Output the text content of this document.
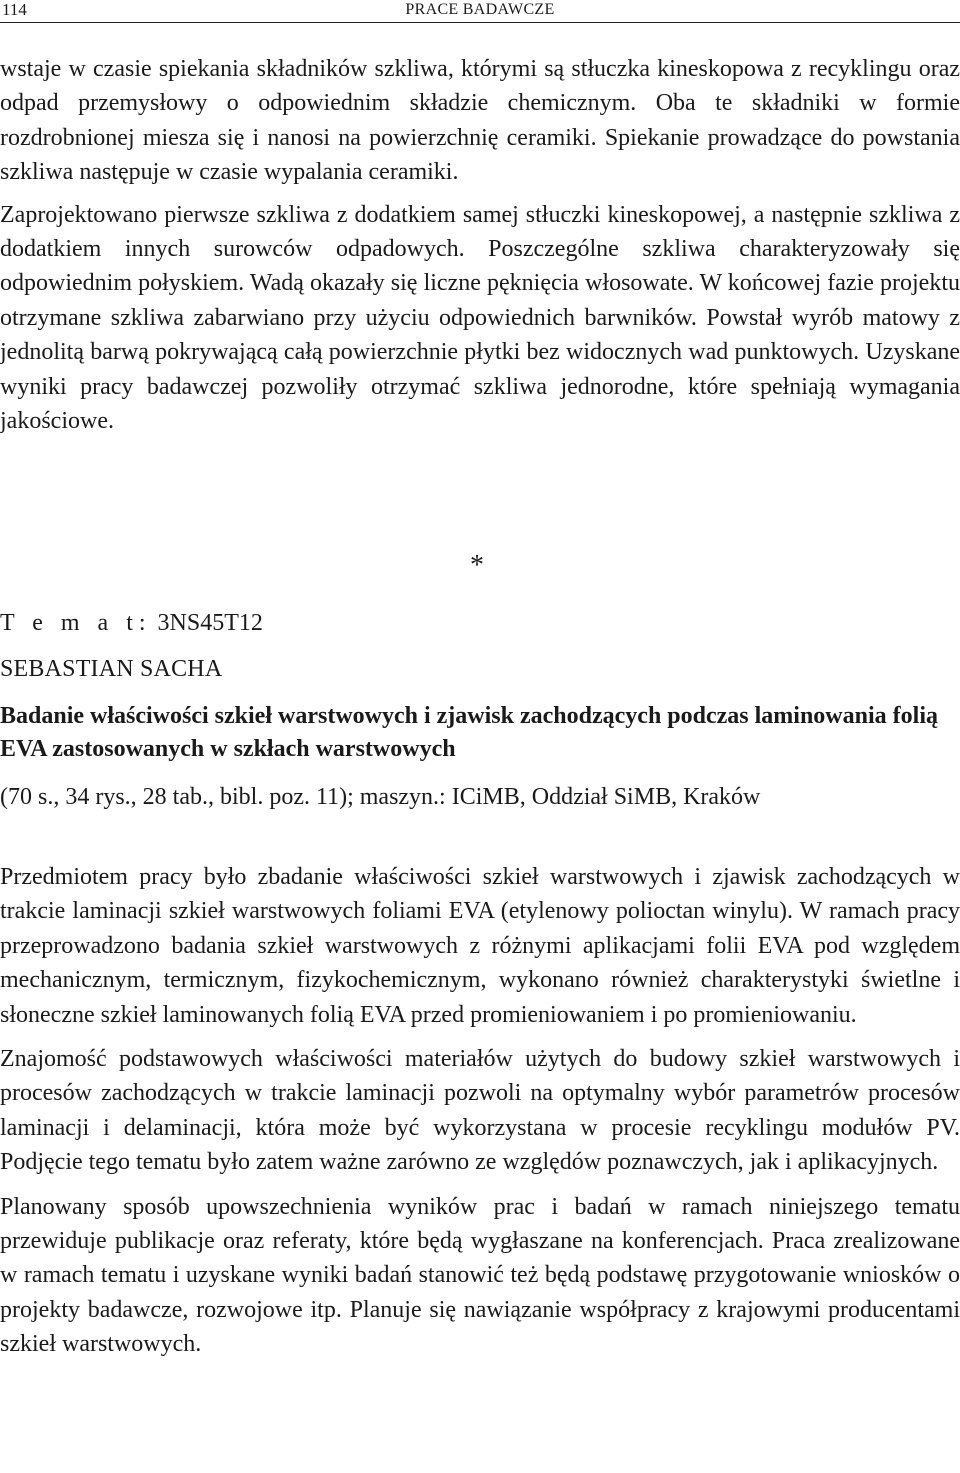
114	PRACE BADAWCZE

wstaje w czasie spiekania składników szkliwa, którymi są stłuczka kineskopowa z recyklingu oraz odpad przemysłowy o odpowiednim składzie chemicznym. Oba te składniki w formie rozdrobnionej miesza się i nanosi na powierzchnię ceramiki. Spiekanie prowadzące do powstania szkliwa następuje w czasie wypalania ceramiki.

Zaprojektowano pierwsze szkliwa z dodatkiem samej stłuczki kineskopowej, a następnie szkliwa z dodatkiem innych surowców odpadowych. Poszczególne szkliwa charakteryzowały się odpowiednim połyskiem. Wadą okazały się liczne pęknięcia włosowate. W końcowej fazie projektu otrzymane szkliwa zabarwiano przy użyciu odpowiednich barwników. Powstał wyrób matowy z jednolitą barwą pokrywającą całą powierzchnie płytki bez widocznych wad punktowych. Uzyskane wyniki pracy badawczej pozwoliły otrzymać szkliwa jednorodne, które spełniają wymagania jakościowe.

*
T e m a t: 3NS45T12
SEBASTIAN SACHA

Badanie właściwości szkieł warstwowych i zjawisk zachodzących podczas laminowania folią EVA zastosowanych w szkłach warstwowych

(70 s., 34 rys., 28 tab., bibl. poz. 11); maszyn.: ICiMB, Oddział SiMB, Kraków

Przedmiotem pracy było zbadanie właściwości szkieł warstwowych i zjawisk zachodzących w trakcie laminacji szkieł warstwowych foliami EVA (etylenowy polioctan winylu). W ramach pracy przeprowadzono badania szkieł warstwowych z różnymi aplikacjami folii EVA pod względem mechanicznym, termicznym, fizykochemicznym, wykonano również charakterystyki świetlne i słoneczne szkieł laminowanych folią EVA przed promieniowaniem i po promieniowaniu.

Znajomość podstawowych właściwości materiałów użytych do budowy szkieł warstwowych i procesów zachodzących w trakcie laminacji pozwoli na optymalny wybór parametrów procesów laminacji i delaminacji, która może być wykorzystana w procesie recyklingu modułów PV. Podjęcie tego tematu było zatem ważne zarówno ze względów poznawczych, jak i aplikacyjnych.

Planowany sposób upowszechnienia wyników prac i badań w ramach niniejszego tematu przewiduje publikacje oraz referaty, które będą wygłaszane na konferencjach. Praca zrealizowane w ramach tematu i uzyskane wyniki badań stanowić też będą podstawę przygotowanie wniosków o projekty badawcze, rozwojowe itp. Planuje się nawiązanie współpracy z krajowymi producentami szkieł warstwowych.
